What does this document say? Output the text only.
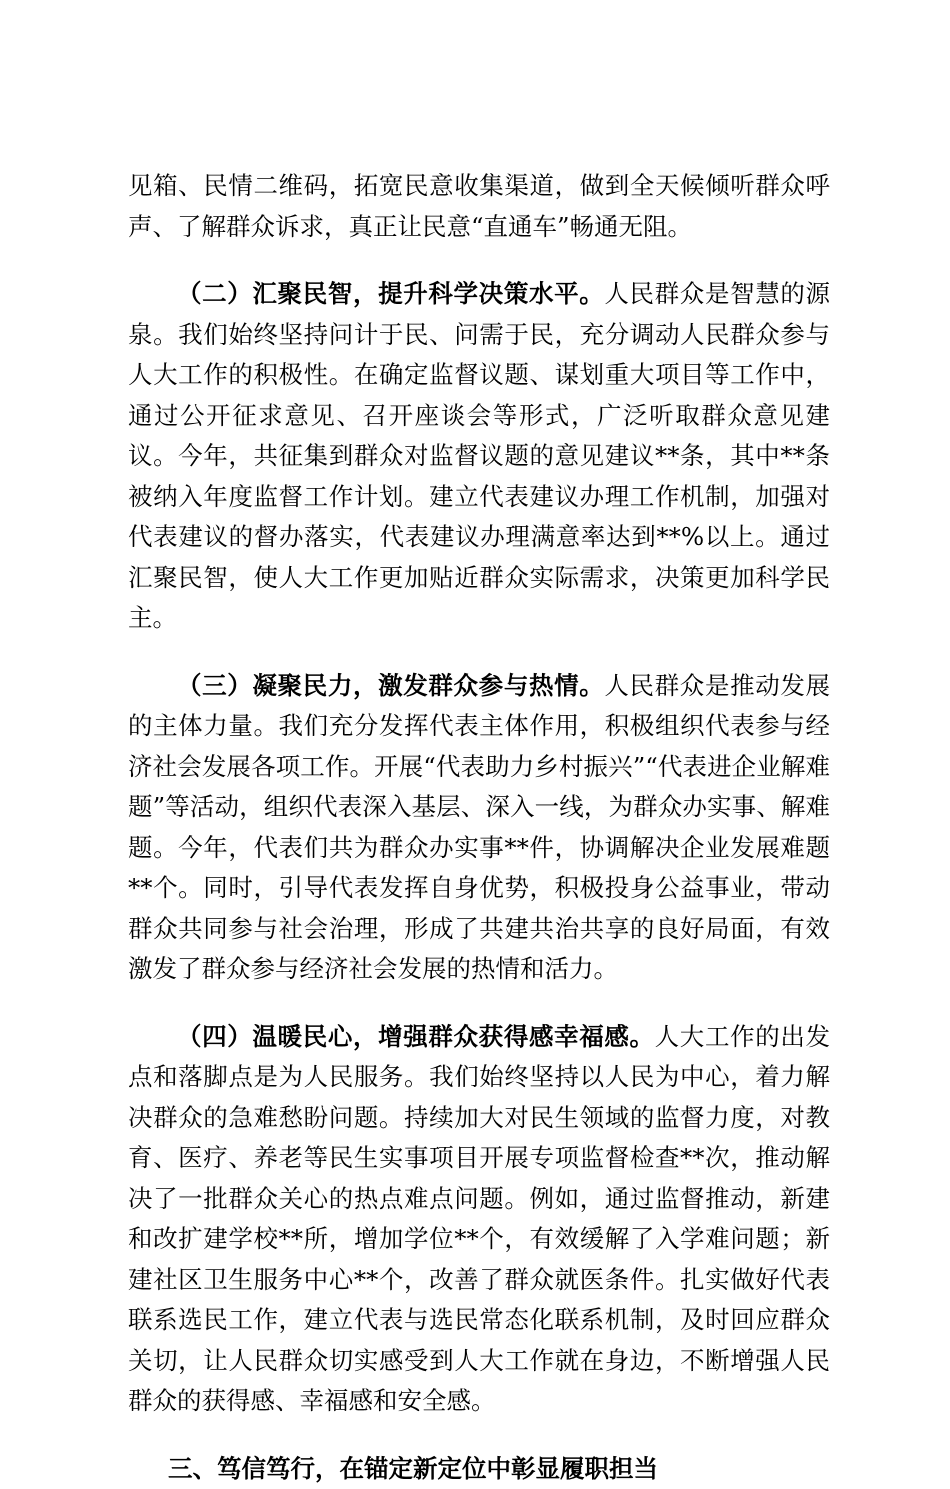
见箱、民情二维码，拓宽民意收集渠道，做到全天候倾听群众呼声、了解群众诉求，真正让民意“直通车”畅通无阻。

（二）汇聚民智，提升科学决策水平。人民群众是智慧的源泉。我们始终坚持问计于民、问需于民，充分调动人民群众参与人大工作的积极性。在确定监督议题、谋划重大项目等工作中，通过公开征求意见、召开座谈会等形式，广泛听取群众意见建议。今年，共征集到群众对监督议题的意见建议**条，其中**条被纳入年度监督工作计划。建立代表建议办理工作机制，加强对代表建议的督办落实，代表建议办理满意率达到**%以上。通过汇聚民智，使人大工作更加贴近群众实际需求，决策更加科学民主。

（三）凝聚民力，激发群众参与热情。人民群众是推动发展的主体力量。我们充分发挥代表主体作用，积极组织代表参与经济社会发展各项工作。开展“代表助力乡村振兴”“代表进企业解难题”等活动，组织代表深入基层、深入一线，为群众办实事、解难题。今年，代表们共为群众办实事**件，协调解决企业发展难题**个。同时，引导代表发挥自身优势，积极投身公益事业，带动群众共同参与社会治理，形成了共建共治共享的良好局面，有效激发了群众参与经济社会发展的热情和活力。

（四）温暖民心，增强群众获得感幸福感。人大工作的出发点和落脚点是为人民服务。我们始终坚持以人民为中心，着力解决群众的急难愁盼问题。持续加大对民生领域的监督力度，对教育、医疗、养老等民生实事项目开展专项监督检查**次，推动解决了一批群众关心的热点难点问题。例如，通过监督推动，新建和改扩建学校**所，增加学位**个，有效缓解了入学难问题；新建社区卫生服务中心**个，改善了群众就医条件。扎实做好代表联系选民工作，建立代表与选民常态化联系机制，及时回应群众关切，让人民群众切实感受到人大工作就在身边，不断增强人民群众的获得感、幸福感和安全感。

三、笃信笃行，在锚定新定位中彰显履职担当
